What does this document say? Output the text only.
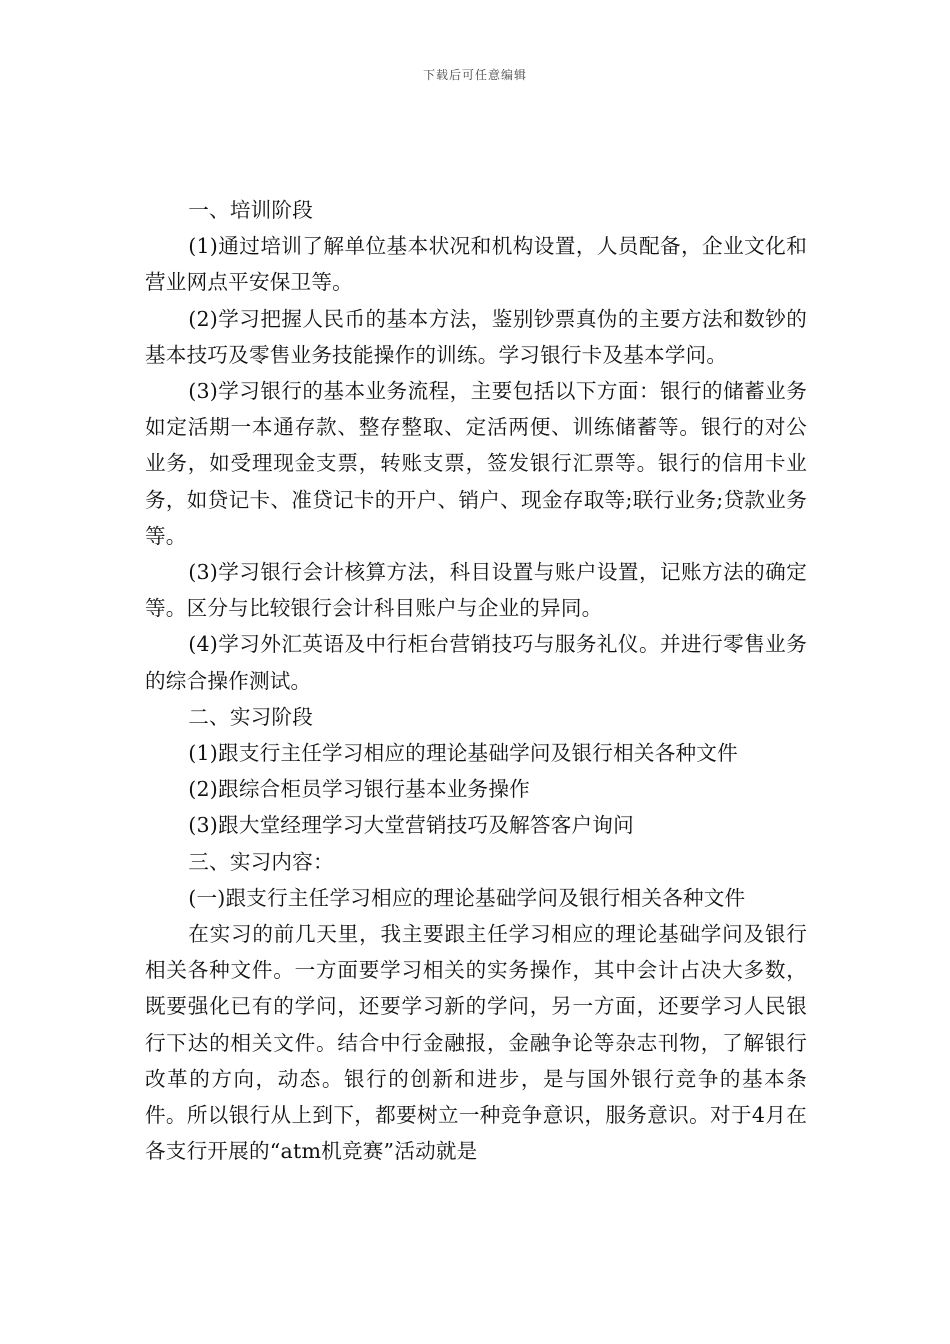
下载后可任意编辑

一、培训阶段

(1)通过培训了解单位基本状况和机构设置，人员配备，企业文化和营业网点平安保卫等。

(2)学习把握人民币的基本方法，鉴别钞票真伪的主要方法和数钞的基本技巧及零售业务技能操作的训练。学习银行卡及基本学问。

(3)学习银行的基本业务流程，主要包括以下方面：银行的储蓄业务如定活期一本通存款、整存整取、定活两便、训练储蓄等。银行的对公业务，如受理现金支票，转账支票，签发银行汇票等。银行的信用卡业务，如贷记卡、准贷记卡的开户、销户、现金存取等;联行业务;贷款业务等。

(3)学习银行会计核算方法，科目设置与账户设置，记账方法的确定等。区分与比较银行会计科目账户与企业的异同。

(4)学习外汇英语及中行柜台营销技巧与服务礼仪。并进行零售业务的综合操作测试。

二、实习阶段

(1)跟支行主任学习相应的理论基础学问及银行相关各种文件

(2)跟综合柜员学习银行基本业务操作

(3)跟大堂经理学习大堂营销技巧及解答客户询问

三、实习内容：

(一)跟支行主任学习相应的理论基础学问及银行相关各种文件

在实习的前几天里，我主要跟主任学习相应的理论基础学问及银行相关各种文件。一方面要学习相关的实务操作，其中会计占决大多数，既要强化已有的学问，还要学习新的学问，另一方面，还要学习人民银行下达的相关文件。结合中行金融报，金融争论等杂志刊物，了解银行改革的方向，动态。银行的创新和进步，是与国外银行竞争的基本条件。所以银行从上到下，都要树立一种竞争意识，服务意识。对于4月在各支行开展的“atm机竞赛”活动就是
